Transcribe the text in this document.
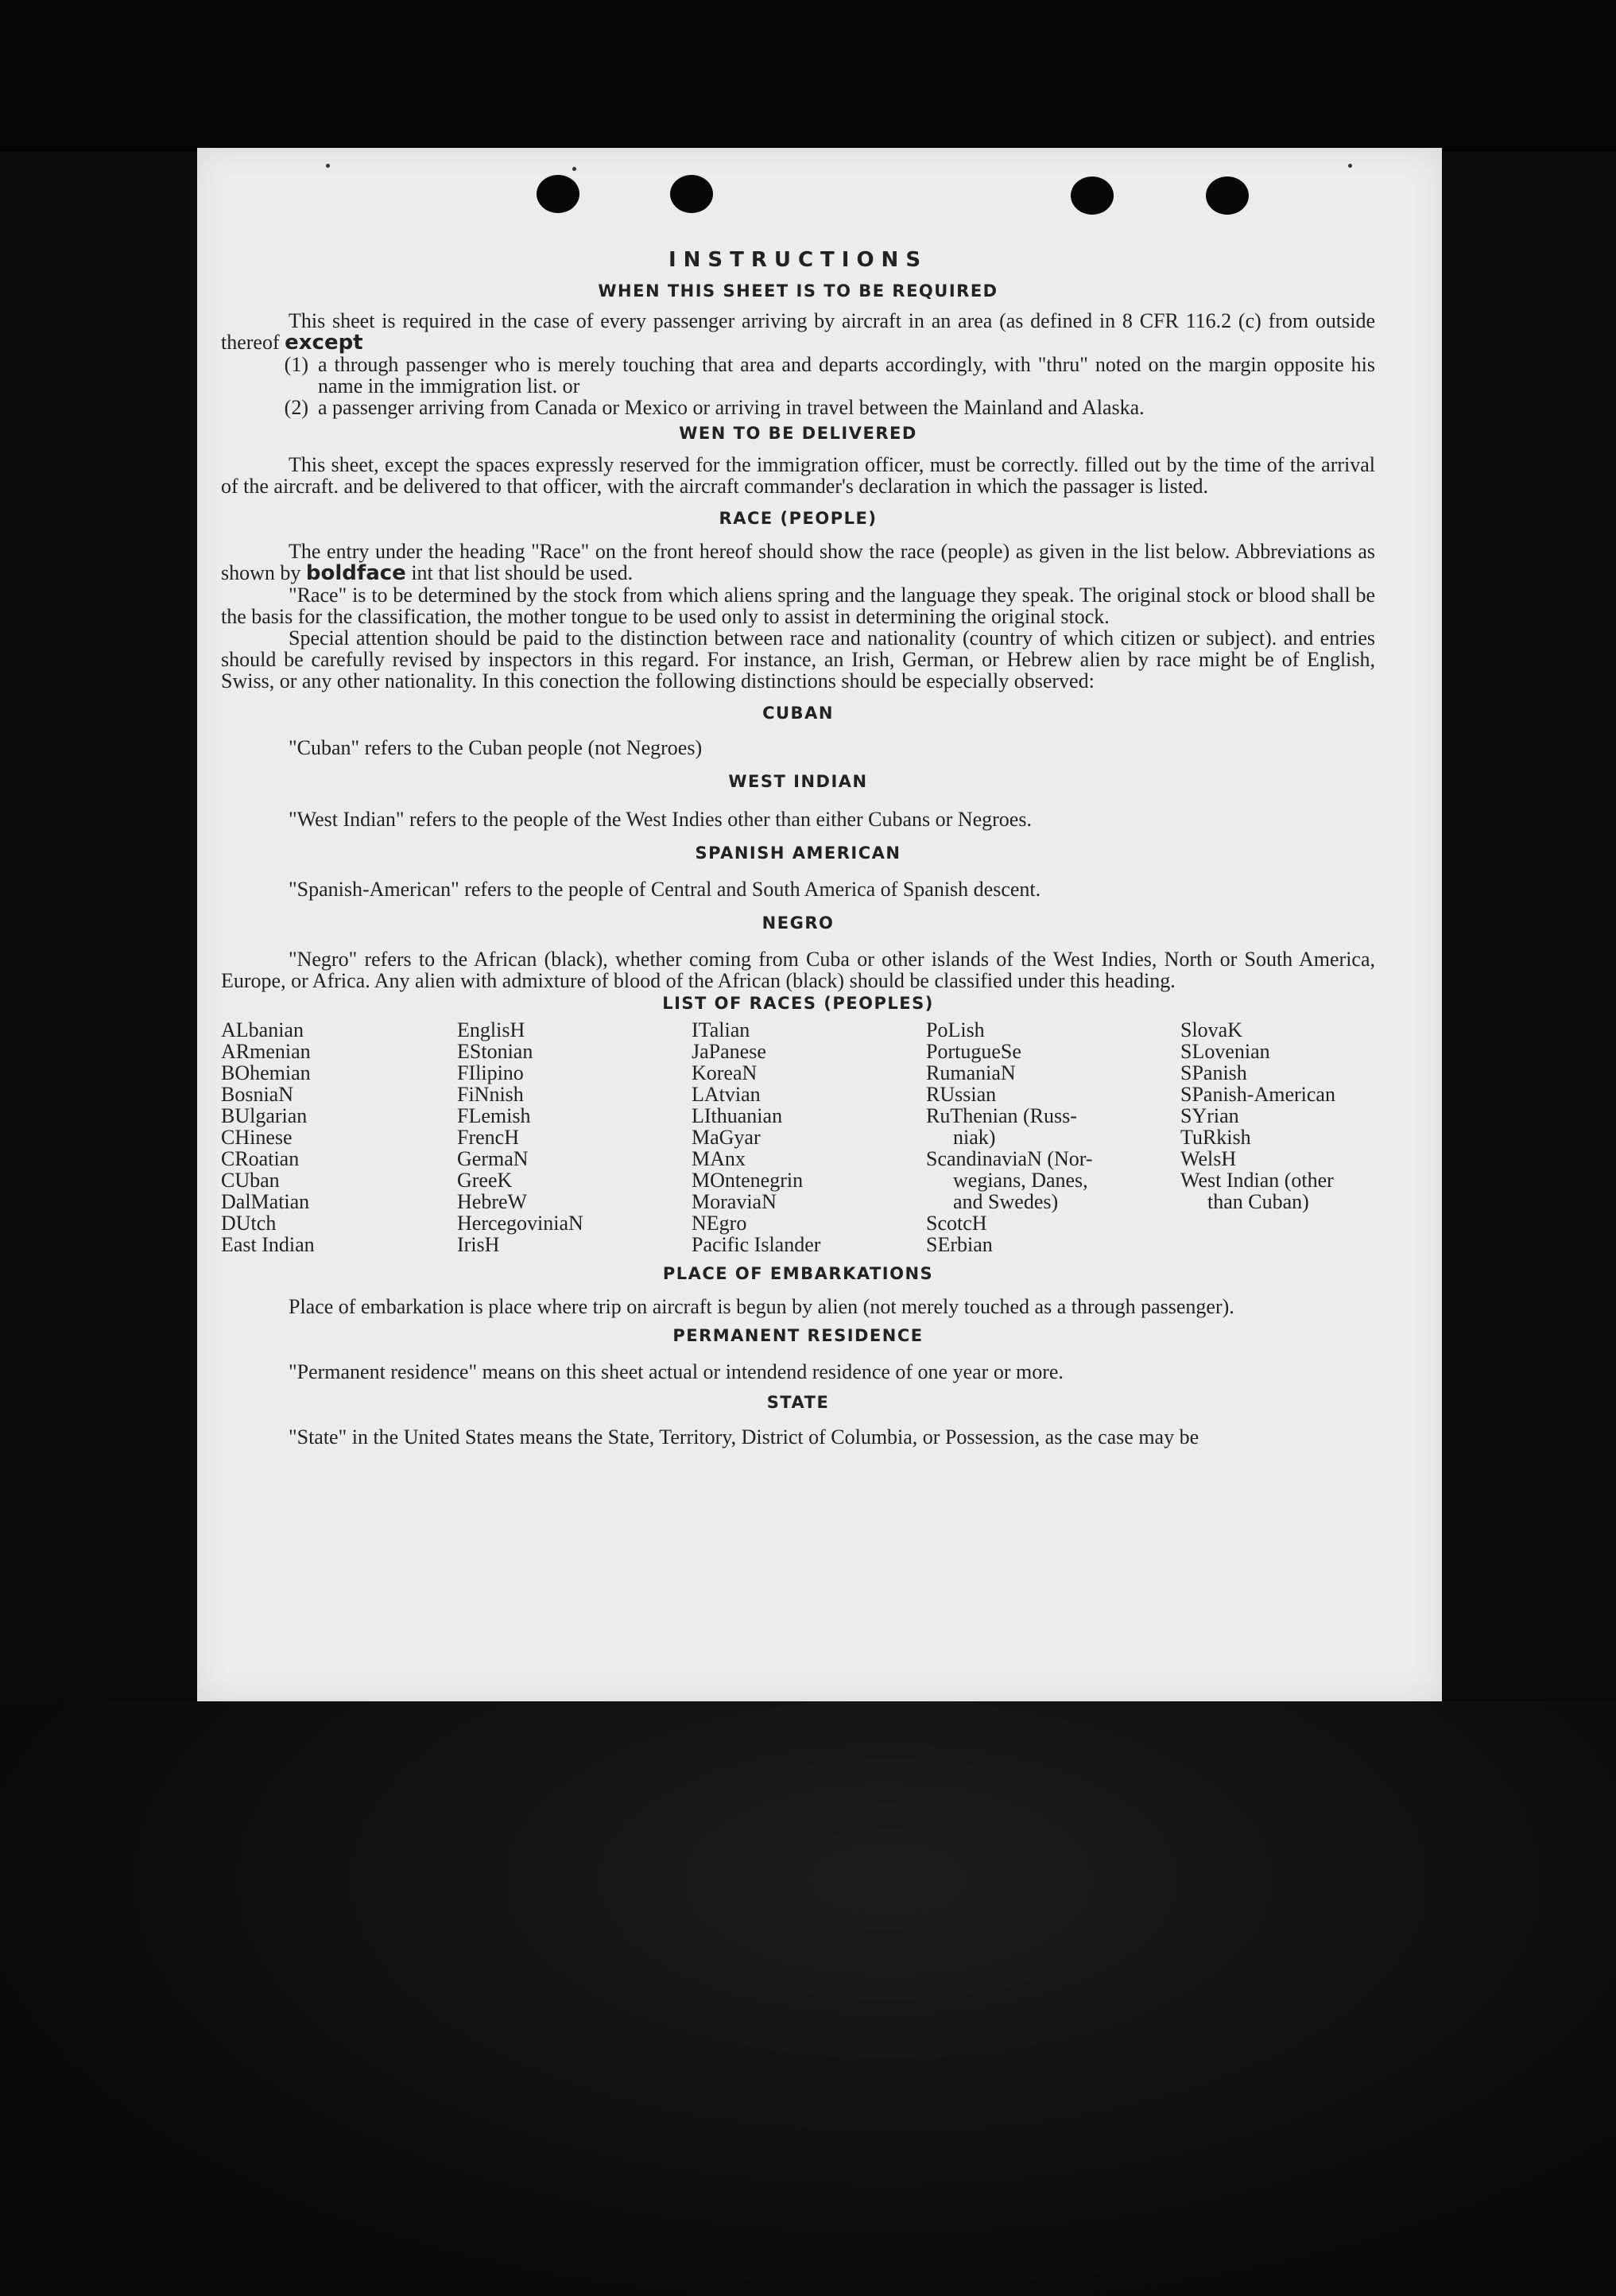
INSTRUCTIONS
WHEN THIS SHEET IS TO BE REQUIRED

This sheet is required in the case of every passenger arriving by aircraft in an area (as defined in 8 CFR 116.2 (c) from outside thereof except

(1) a through passenger who is merely touching that area and departs accordingly, with "thru" noted on the margin opposite his name in the immigration list. or
(2) a passenger arriving from Canada or Mexico or arriving in travel between the Mainland and Alaska.
WEN TO BE DELIVERED

This sheet, except the spaces expressly reserved for the immigration officer, must be correctly. filled out by the time of the arrival of the aircraft. and be delivered to that officer, with the aircraft commander's declaration in which the passager is listed.

RACE (PEOPLE)

The entry under the heading "Race" on the front hereof should show the race (people) as given in the list below. Abbreviations as shown by boldface int that list should be used.

"Race" is to be determined by the stock from which aliens spring and the language they speak. The original stock or blood shall be the basis for the classification, the mother tongue to be used only to assist in determining the original stock.

Special attention should be paid to the distinction between race and nationality (country of which citizen or subject). and entries should be carefully revised by inspectors in this regard. For instance, an Irish, German, or Hebrew alien by race might be of English, Swiss, or any other nationality. In this conection the following distinctions should be especially observed:

CUBAN

"Cuban" refers to the Cuban people (not Negroes)

WEST INDIAN

"West Indian" refers to the people of the West Indies other than either Cubans or Negroes.

SPANISH AMERICAN

"Spanish-American" refers to the people of Central and South America of Spanish descent.

NEGRO

"Negro" refers to the African (black), whether coming from Cuba or other islands of the West Indies, North or South America, Europe, or Africa. Any alien with admixture of blood of the African (black) should be classified under this heading.

LIST OF RACES (PEOPLES)
ALbanian
ARmenian
BOhemian
BosniaN
BUlgarian
CHinese
CRoatian
CUban
DalMatian
DUtch
East Indian
EnglisH
EStonian
FIlipino
FiNnish
FLemish
FrencH
GermaN
GreeK
HebreW
HercegoviniaN
IrisH
ITalian
JaPanese
KoreaN
LAtvian
LIthuanian
MaGyar
MAnx
MOntenegrin
MoraviaN
NEgro
Pacific Islander
PoLish
PortugueSe
RumaniaN
RUssian
RuThenian (Russ-
niak)
ScandinaviaN (Nor-
wegians, Danes,
and Swedes)
ScotcH
SErbian
SlovaK
SLovenian
SPanish
SPanish-American
SYrian
TuRkish
WelsH
West Indian (other
than Cuban)
PLACE OF EMBARKATIONS

Place of embarkation is place where trip on aircraft is begun by alien (not merely touched as a through passenger).

PERMANENT RESIDENCE

"Permanent residence" means on this sheet actual or intendend residence of one year or more.

STATE

"State" in the United States means the State, Territory, District of Columbia, or Possession, as the case may be
